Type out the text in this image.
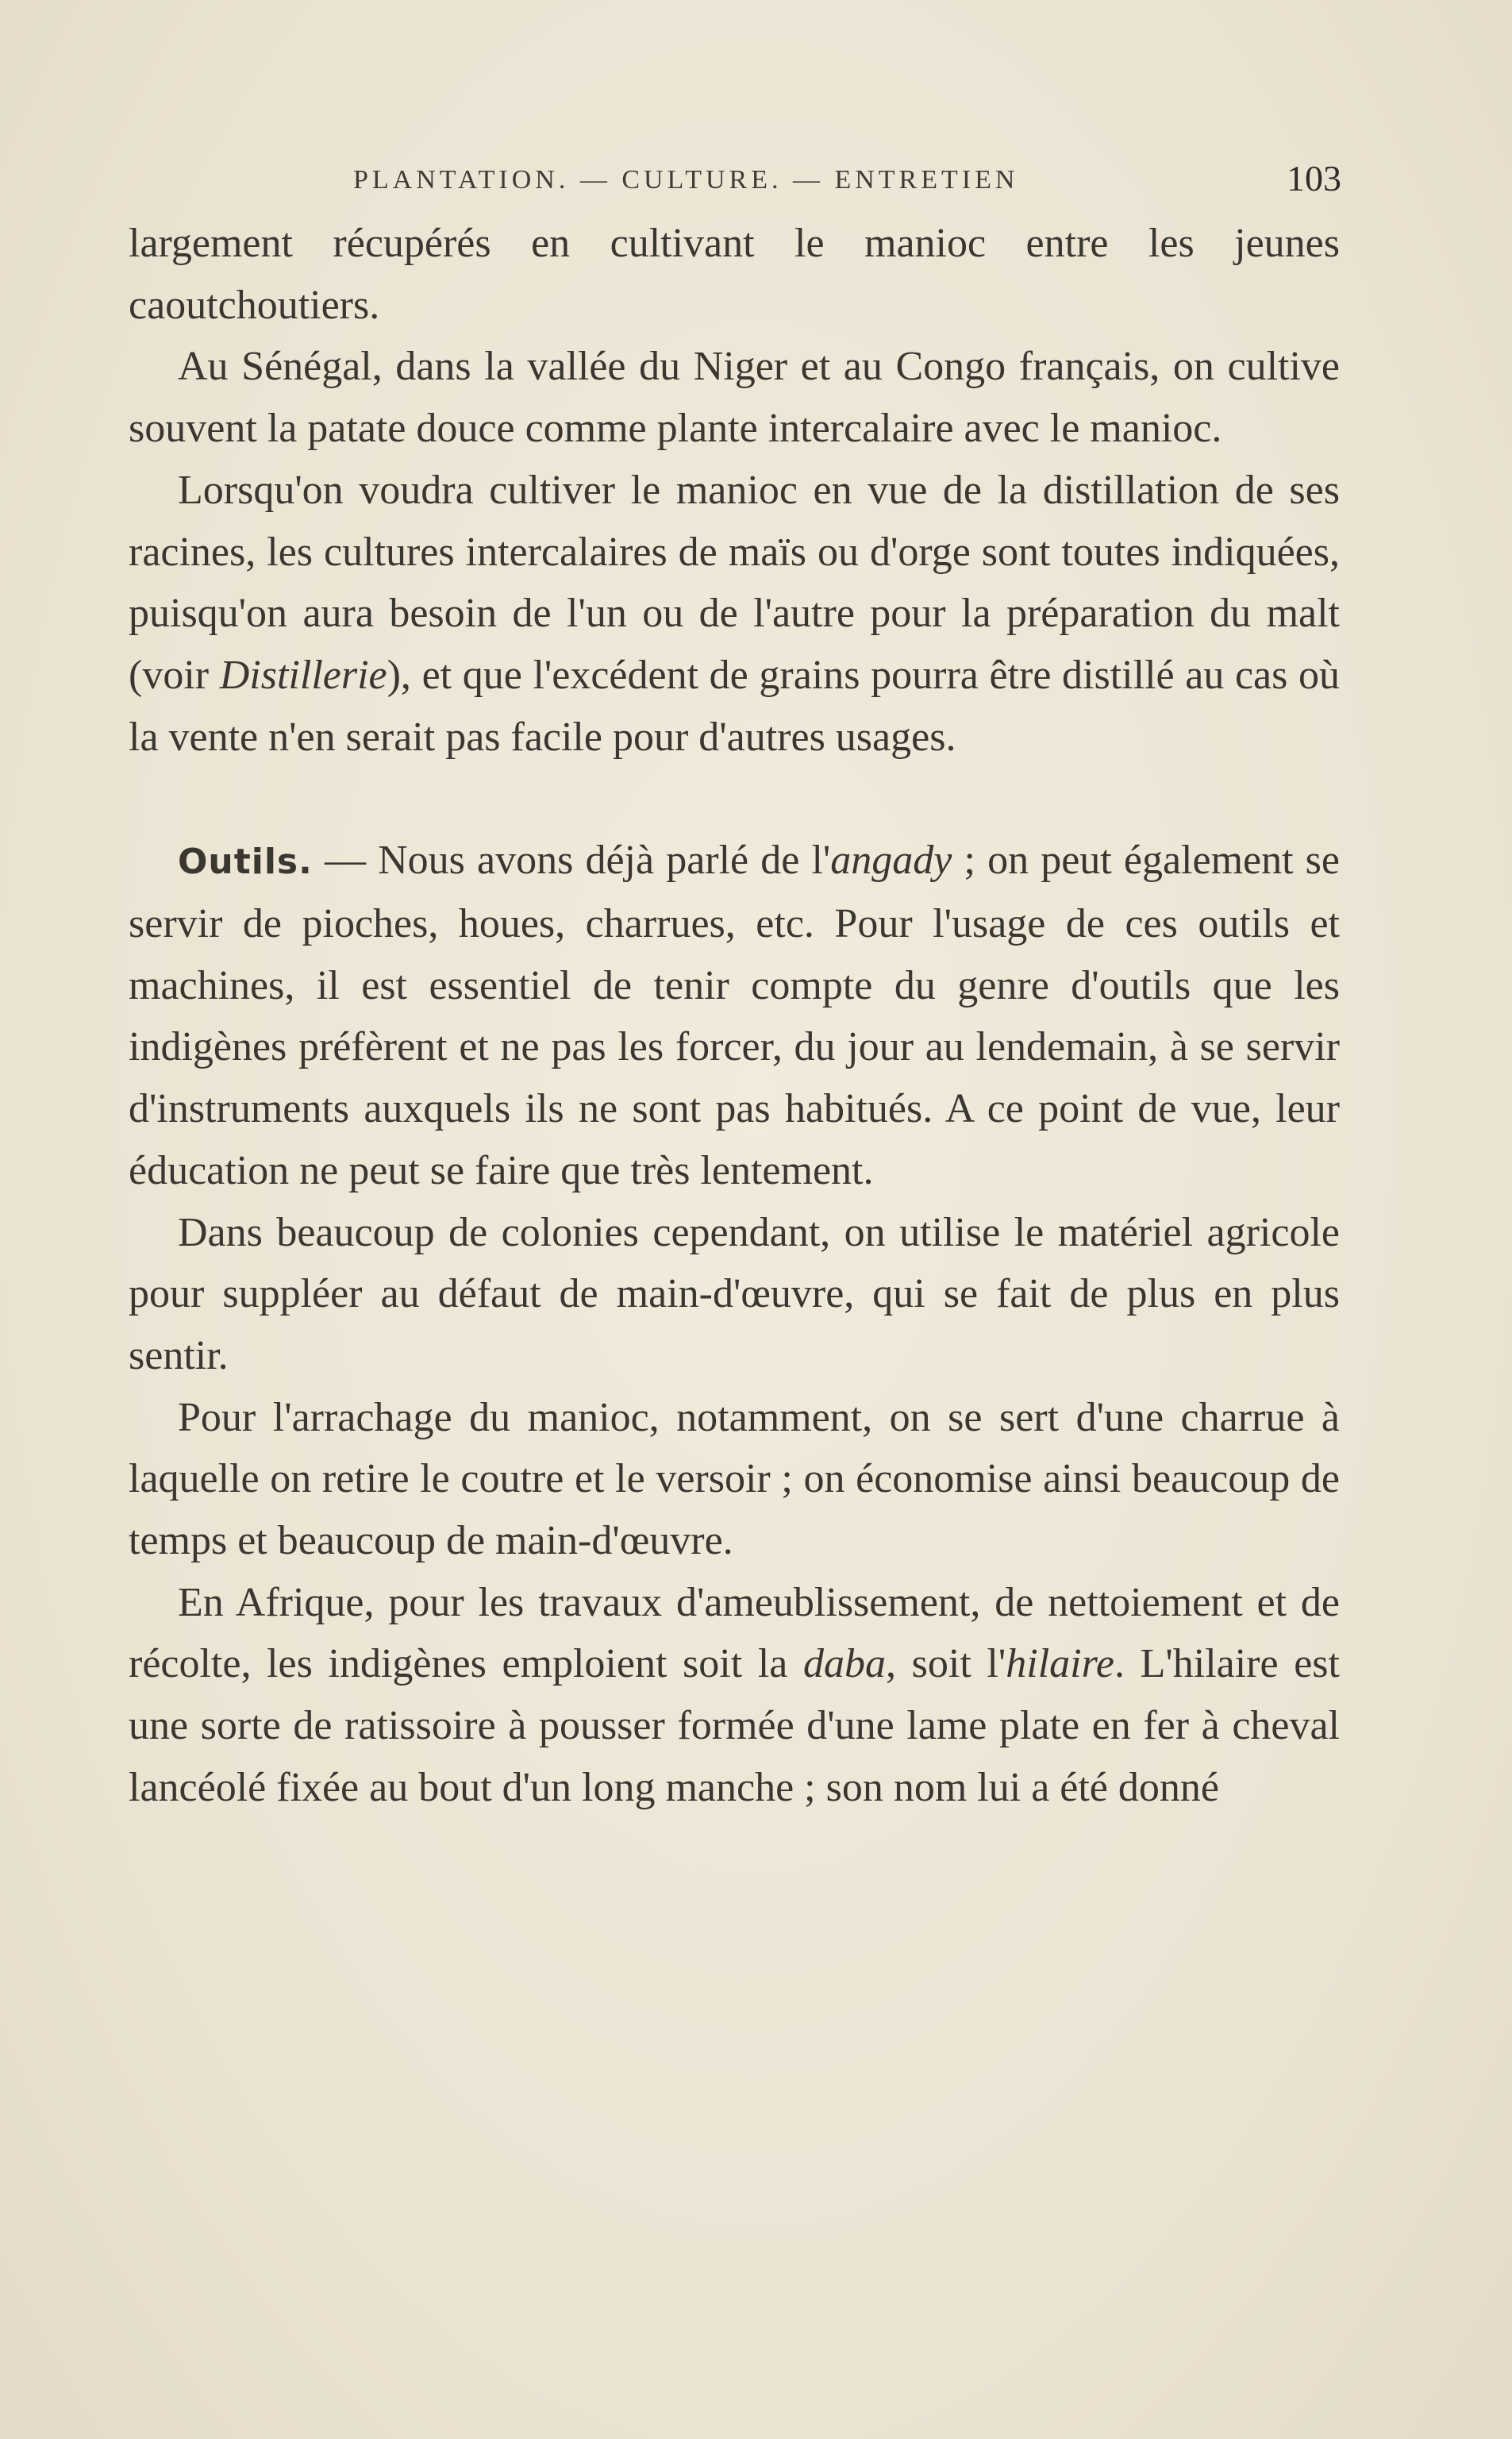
PLANTATION. — CULTURE. — ENTRETIEN	103

largement récupérés en cultivant le manioc entre les jeunes caoutchoutiers.

Au Sénégal, dans la vallée du Niger et au Congo français, on cultive souvent la patate douce comme plante intercalaire avec le manioc.

Lorsqu'on voudra cultiver le manioc en vue de la distillation de ses racines, les cultures intercalaires de maïs ou d'orge sont toutes indiquées, puisqu'on aura besoin de l'un ou de l'autre pour la préparation du malt (voir Distillerie), et que l'excédent de grains pourra être distillé au cas où la vente n'en serait pas facile pour d'autres usages.

Outils. — Nous avons déjà parlé de l'angady ; on peut également se servir de pioches, houes, charrues, etc. Pour l'usage de ces outils et machines, il est essentiel de tenir compte du genre d'outils que les indigènes préfèrent et ne pas les forcer, du jour au lendemain, à se servir d'instruments auxquels ils ne sont pas habitués. A ce point de vue, leur éducation ne peut se faire que très lentement.

Dans beaucoup de colonies cependant, on utilise le matériel agricole pour suppléer au défaut de main-d'œuvre, qui se fait de plus en plus sentir.

Pour l'arrachage du manioc, notamment, on se sert d'une charrue à laquelle on retire le coutre et le versoir ; on économise ainsi beaucoup de temps et beaucoup de main-d'œuvre.

En Afrique, pour les travaux d'ameublissement, de nettoiement et de récolte, les indigènes emploient soit la daba, soit l'hilaire. L'hilaire est une sorte de ratissoire à pousser formée d'une lame plate en fer à cheval lancéolé fixée au bout d'un long manche ; son nom lui a été donné
